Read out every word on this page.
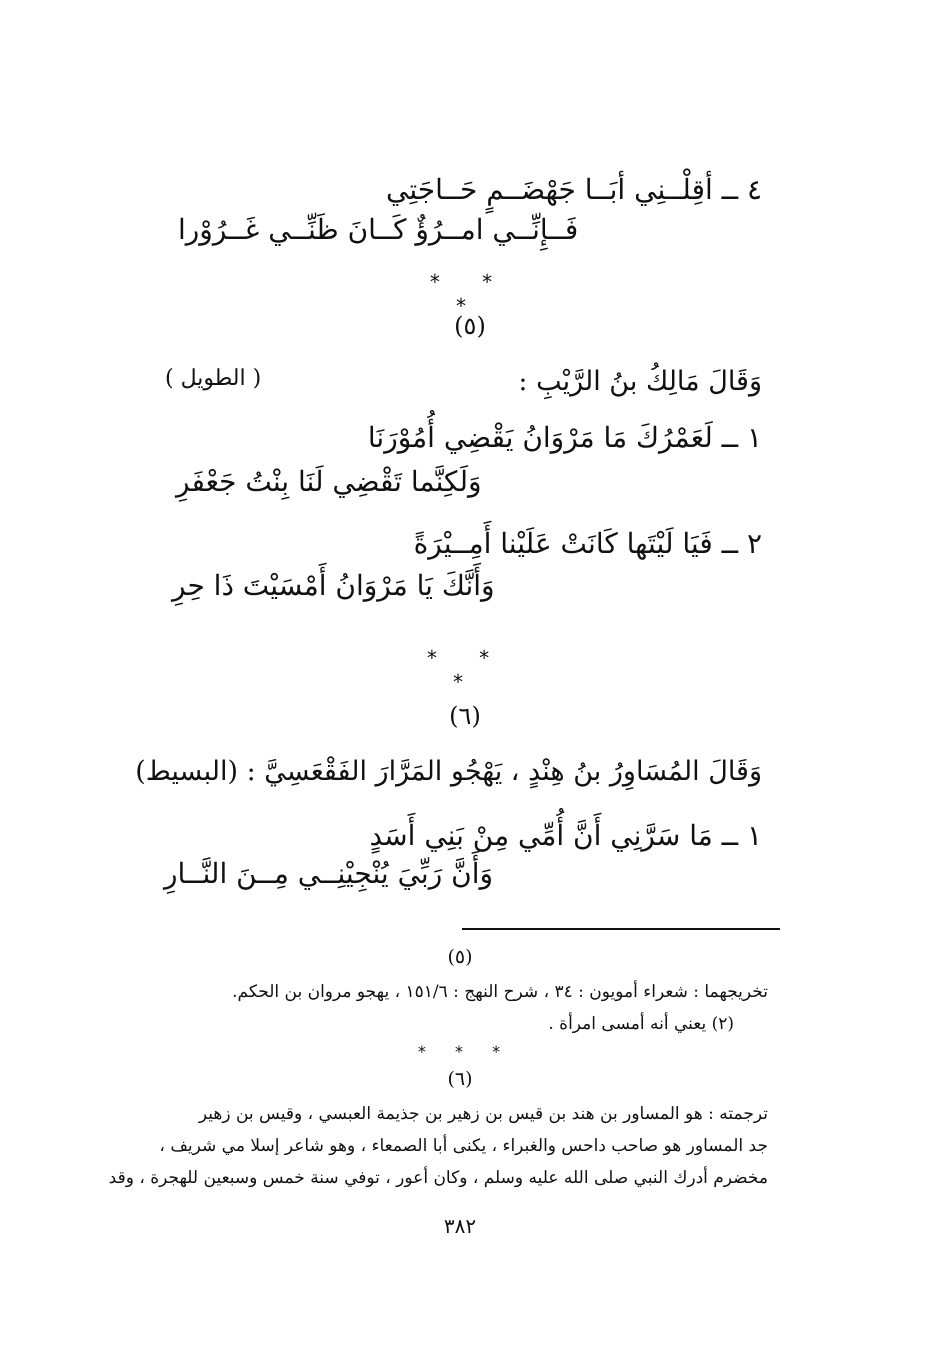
٤ ــ أقِلْــنِي أبَــا جَهْضَــمٍ حَــاجَتِي
فَــإِنِّــي امــرُؤٌ كَــانَ ظَنِّــي غَــرُوْرا
* * *
(٥)
وَقَالَ مَالِكُ بنُ الرَّيْبِ :
( الطويل )
١ ــ لَعَمْرُكَ مَا مَرْوَانُ يَقْضِي أُمُوْرَنَا
وَلَكِنَّما تَقْضِي لَنَا بِنْتُ جَعْفَرِ
٢ ــ فَيَا لَيْتَها كَانَتْ عَلَيْنا أَمِــيْرَةً
وَأَنَّكَ يَا مَرْوَانُ أَمْسَيْتَ ذَا حِرِ
* * *
(٦)
وَقَالَ المُسَاوِرُ بنُ هِنْدٍ ، يَهْجُو المَرَّارَ الفَقْعَسِيَّ : (البسيط)
١ ــ مَا سَرَّنِي أَنَّ أُمِّي مِنْ بَنِي أَسَدٍ
وَأَنَّ رَبِّيَ يُنْجِيْنِــي مِــنَ النَّــارِ
(٥)
تخريجهما : شعراء أمويون : ٣٤ ، شرح النهج : ١٥١/٦ ، يهجو مروان بن الحكم.
(٢) يعني أنه أمسى امرأة .
* * *
(٦)
ترجمته : هو المساور بن هند بن قيس بن زهير بن جذيمة العبسي ، وقيس بن زهير
جد المساور هو صاحب داحس والغبراء ، يكنى أبا الصمعاء ، وهو شاعر إسلا مي شريف ،
مخضرم أدرك النبي صلى الله عليه وسلم ، وكان أعور ، توفي سنة خمس وسبعين للهجرة ، وقد
٣٨٢
